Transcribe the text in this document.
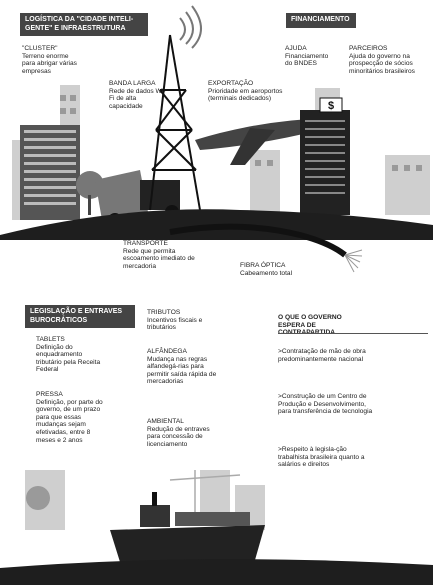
$
LOGÍSTICA DA "CIDADE INTELI-GENTE" E INFRAESTRUTURA
FINANCIAMENTO
LEGISLAÇÃO E ENTRAVES BUROCRÁTICOS	O QUE O GOVERNO ESPERA DE
"CLUSTER"
Terreno enorme para abrigar várias empresas
BANDA LARGA
Rede de dados Wi-Fi de alta capacidade
EXPORTAÇÃO
Prioridade em aeroportos (terminais dedicados)
AJUDA
Financiamento do BNDES
PARCEIROS
Ajuda do governo na prospecção de sócios minoritários brasileiros
TRANSPORTE
Rede que permita escoamento imediato de mercadoria	FIBRA ÓPTICA
Cabeamento total
TABLETS
Definição do enquadramento tributário pela Receita Federal
PRESSA
Definição, por parte do governo, de um prazo para que essas mudanças sejam efetivadas, entre 8 meses e 2 anos
TRIBUTOS
Incentivos fiscais e tributários
ALFÂNDEGA
Mudança nas regras alfandegá-rias para permitir saída rápida de mercadorias
AMBIENTAL
Redução de entraves para concessão de licenciamento
>Contratação de mão de obra predominantemente nacional
>Construção de um Centro de Produção e Desenvolvimento, para transferência de tecnologia
>Respeito à legisla-ção trabalhista brasileira quanto a salários e direitos
